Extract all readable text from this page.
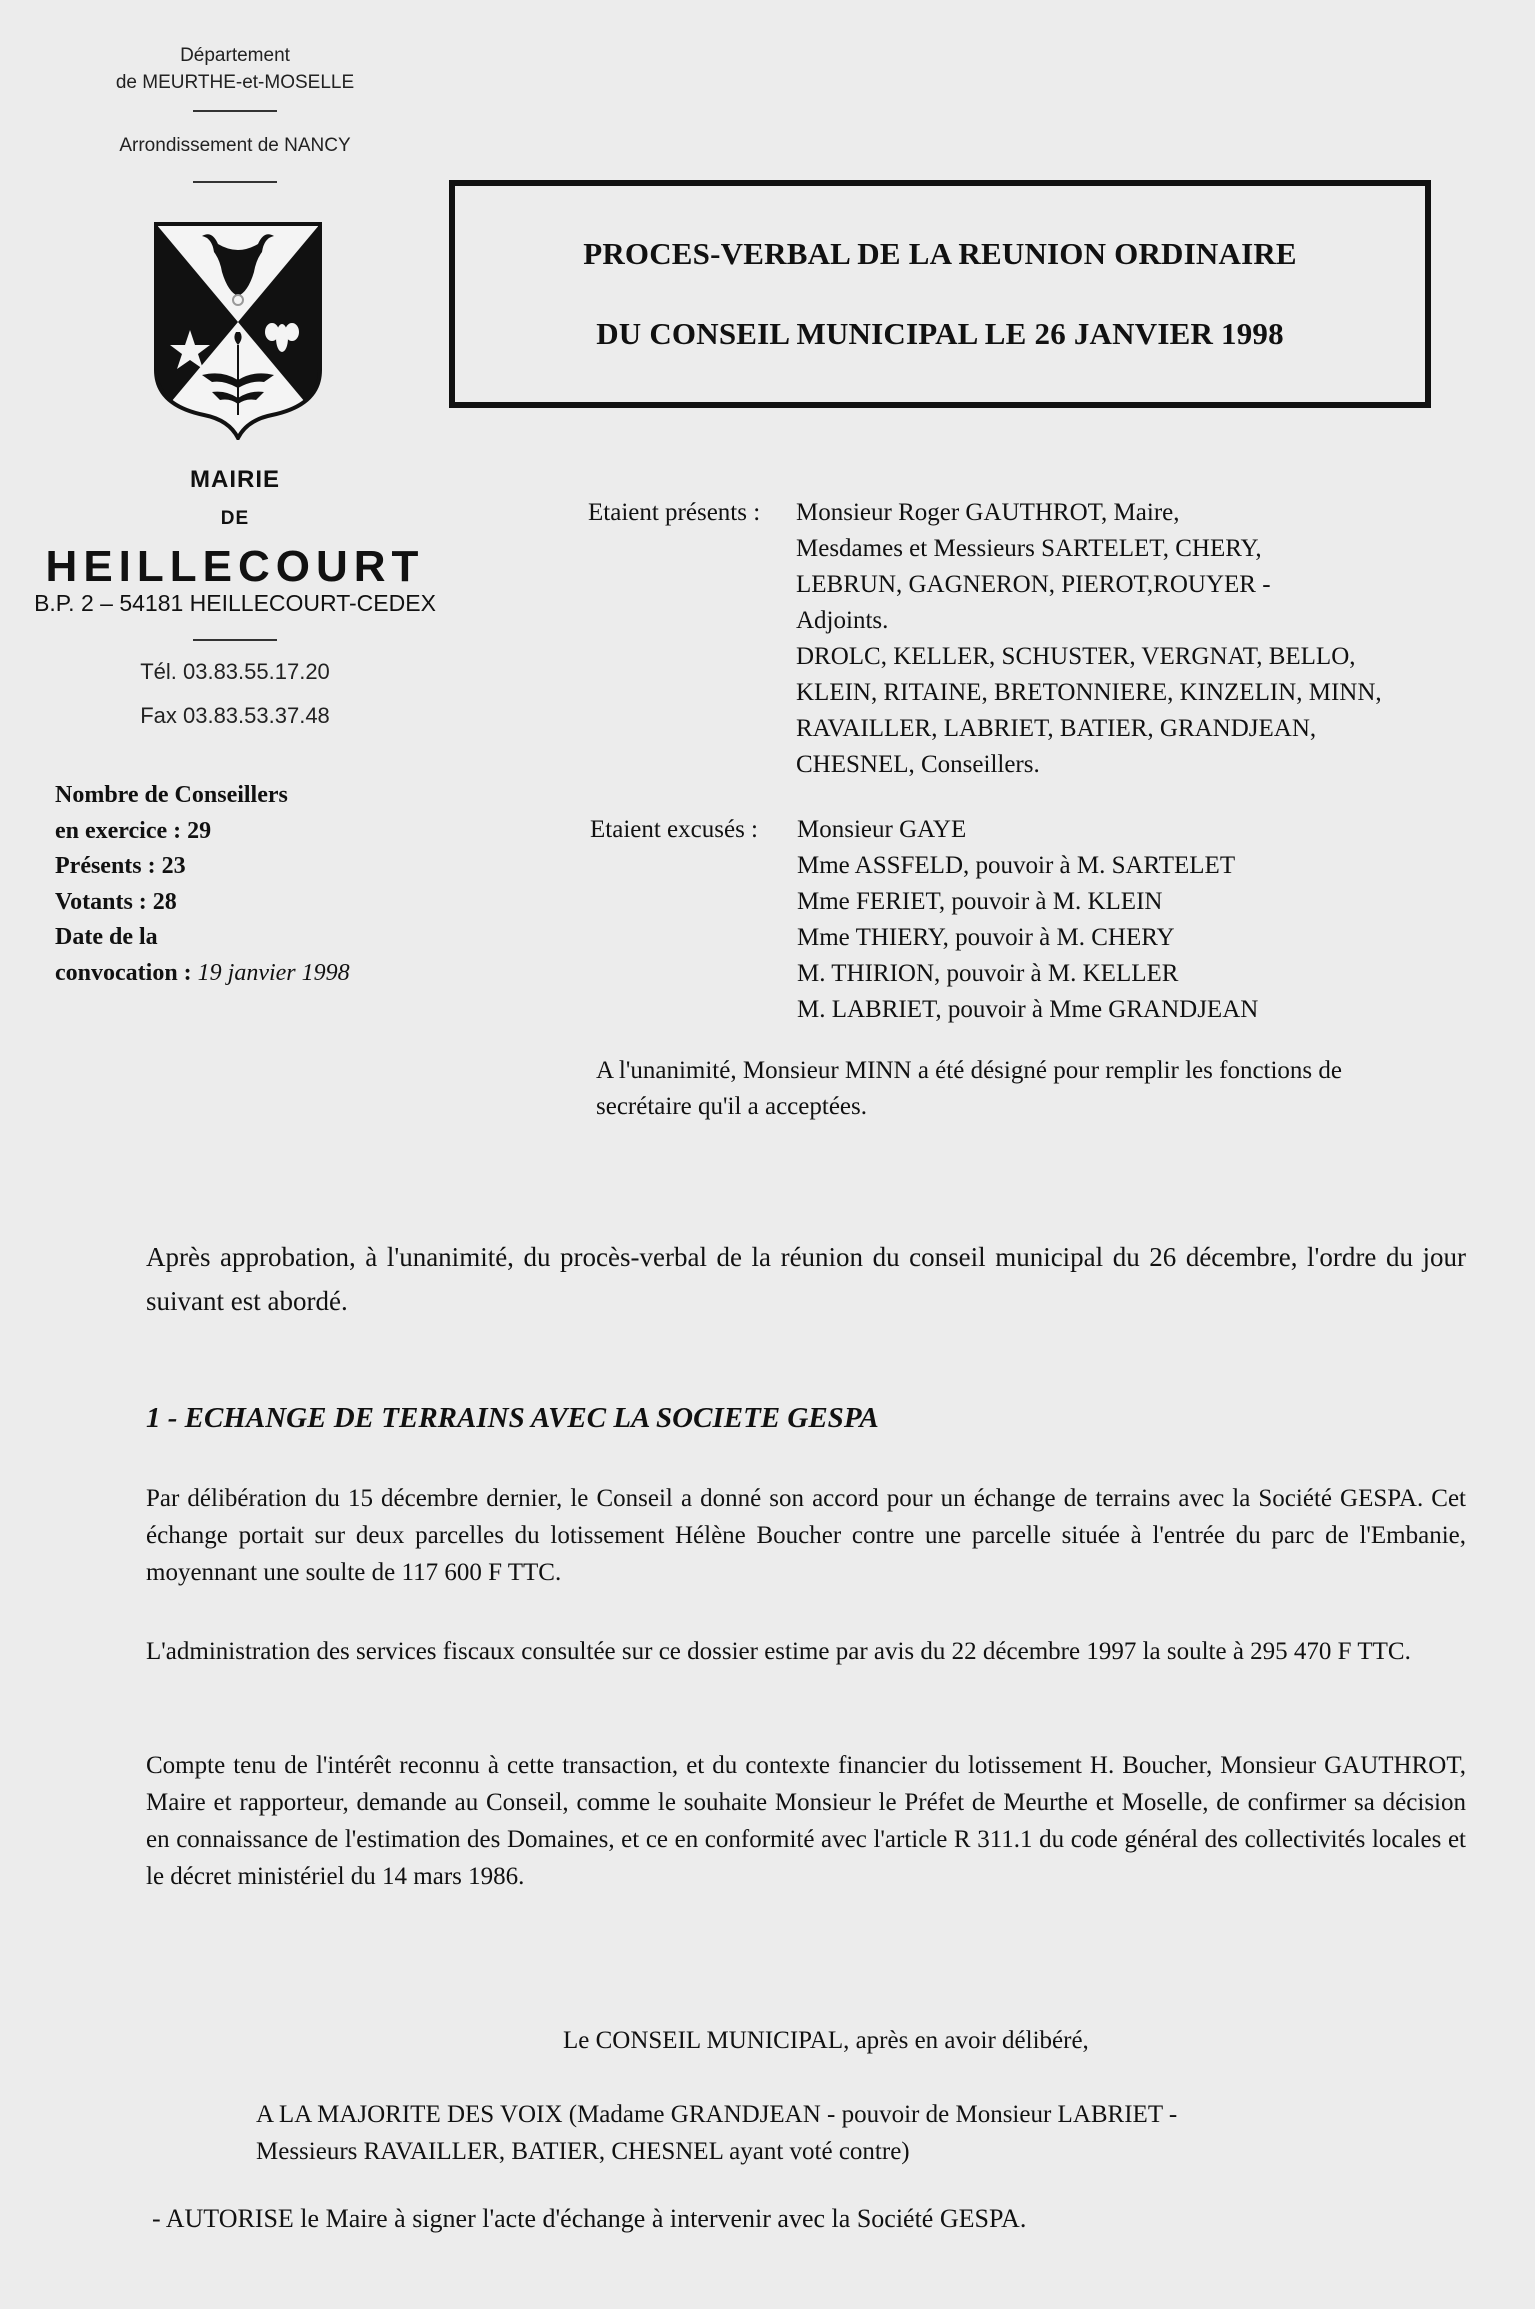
Département
de MEURTHE-et-MOSELLE
Arrondissement de NANCY
MAIRIE
DE
HEILLECOURT
B.P. 2 – 54181 HEILLECOURT-CEDEX
Tél. 03.83.55.17.20
Fax 03.83.53.37.48
PROCES-VERBAL DE LA REUNION ORDINAIRE
DU CONSEIL MUNICIPAL LE 26 JANVIER 1998
Nombre de Conseillers
en exercice : 29
Présents : 23
Votants : 28
Date de la
convocation : 19 janvier 1998
Etaient présents : Monsieur Roger GAUTHROT, Maire,
Mesdames et Messieurs SARTELET, CHERY,
LEBRUN, GAGNERON, PIEROT,ROUYER -
Adjoints.
DROLC, KELLER, SCHUSTER, VERGNAT, BELLO,
KLEIN, RITAINE, BRETONNIERE, KINZELIN, MINN,
RAVAILLER, LABRIET, BATIER, GRANDJEAN,
CHESNEL, Conseillers.
Etaient excusés : Monsieur GAYE
Mme ASSFELD, pouvoir à M. SARTELET
Mme FERIET, pouvoir à M. KLEIN
Mme THIERY, pouvoir à M. CHERY
M. THIRION, pouvoir à M. KELLER
M. LABRIET, pouvoir à Mme GRANDJEAN
A l'unanimité, Monsieur MINN a été désigné pour remplir les fonctions de
secrétaire qu'il a acceptées.
Après approbation, à l'unanimité, du procès-verbal de la réunion du conseil municipal du 26 décembre, l'ordre du jour suivant est abordé.
1 - ECHANGE DE TERRAINS AVEC LA SOCIETE GESPA
Par délibération du 15 décembre dernier, le Conseil a donné son accord pour un échange de terrains avec la Société GESPA. Cet échange portait sur deux parcelles du lotissement Hélène Boucher contre une parcelle située à l'entrée du parc de l'Embanie, moyennant une soulte de 117 600 F TTC.
L'administration des services fiscaux consultée sur ce dossier estime par avis du 22 décembre 1997 la soulte à 295 470 F TTC.
Compte tenu de l'intérêt reconnu à cette transaction, et du contexte financier du lotissement H. Boucher, Monsieur GAUTHROT, Maire et rapporteur, demande au Conseil, comme le souhaite Monsieur le Préfet de Meurthe et Moselle, de confirmer sa décision en connaissance de l'estimation des Domaines, et ce en conformité avec l'article R 311.1 du code général des collectivités locales et le décret ministériel du 14 mars 1986.
Le CONSEIL MUNICIPAL, après en avoir délibéré,
A LA MAJORITE DES VOIX (Madame GRANDJEAN - pouvoir de Monsieur LABRIET -
Messieurs RAVAILLER, BATIER, CHESNEL ayant voté contre)
- AUTORISE le Maire à signer l'acte d'échange à intervenir avec la Société GESPA.
